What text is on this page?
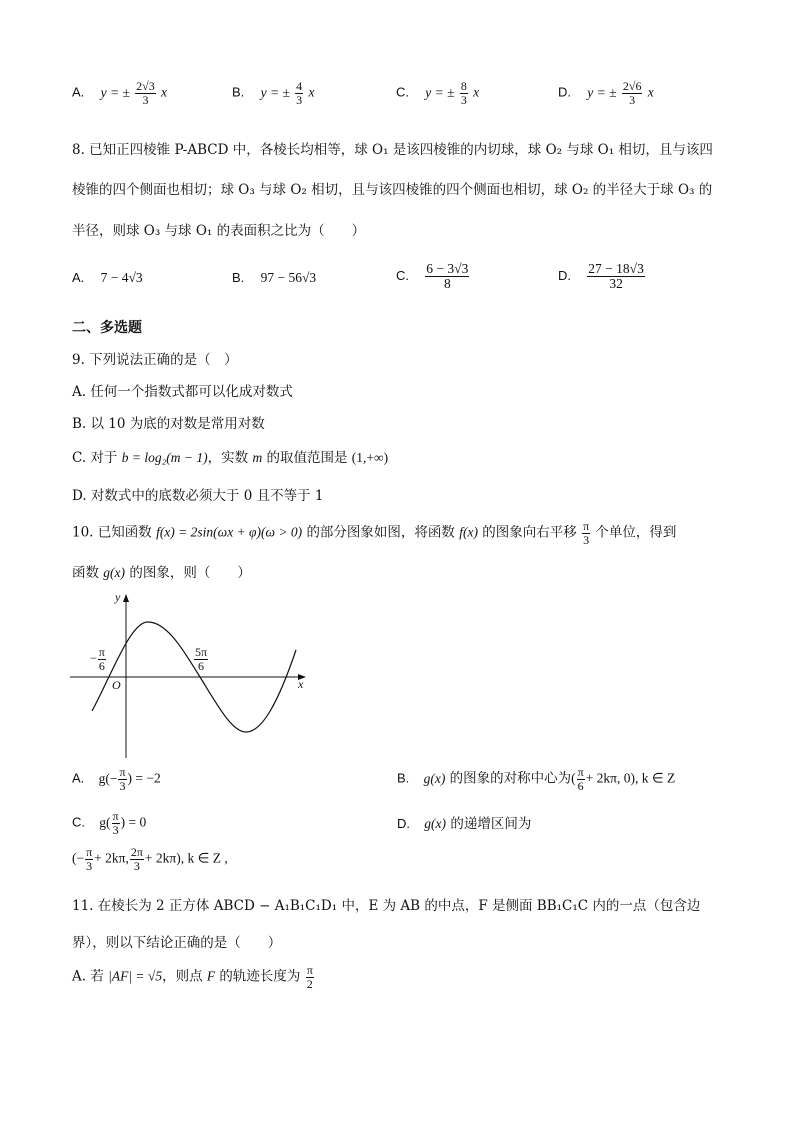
A. y = ± $\frac{2√3}{3}$ x	B. y = ± $\frac{4}{3}$ x	C. y = ± $\frac{8}{3}$ x	D. y = ± $\frac{2√6}{3}$ x
8. 已知正四棱锥 P-ABCD 中，各棱长均相等，球 O₁ 是该四棱锥的内切球，球 O₂ 与球 O₁ 相切，且与该四
棱锥的四个侧面也相切；球 O₃ 与球 O₂ 相切，且与该四棱锥的四个侧面也相切，球 O₂ 的半径大于球 O₃ 的
半径，则球 O₃ 与球 O₁ 的表面积之比为（　　）
A. 7 − 4√3	B. 97 − 56√3	C. $\frac{6 - 3√3}{8}$	D. $\frac{27 - 18√3}{32}$
二、多选题
9. 下列说法正确的是（　）
A. 任何一个指数式都可以化成对数式
B. 以 10 为底的对数是常用对数
C. 对于 b = log₂(m − 1)，实数 m 的取值范围是 (1,+∞)
D. 对数式中的底数必须大于 0 且不等于 1
10. 已知函数 f(x) = 2sin(ωx + φ)(ω > 0) 的部分图象如图，将函数 f(x) 的图象向右平移 $\frac{\pi}{3}$ 个单位，得到
函数 g(x) 的图象，则（　　）
y
x
O
− $\frac{\pi}{6}$	$\frac{5\pi}{6}$
A. $g(- \frac{\pi}{3}$ ) = −2	B. g(x) 的图象的对称中心为( $\frac{\pi}{6} + 2k\pi$, 0), k ∈ Z
C. $g( \frac{\pi}{3}$ ) = 0	D. g(x) 的递增区间为
(− $\frac{\pi}{3} + 2k\pi$, $\frac{2\pi}{3} + 2k\pi$), k ∈ Z ,
11. 在棱长为 2 正方体 ABCD − A₁B₁C₁D₁ 中，E 为 AB 的中点，F 是侧面 BB₁C₁C 内的一点（包含边
界），则以下结论正确的是（　　）
A. 若 |AF| = √5，则点 F 的轨迹长度为 $\frac{\pi}{2}$
